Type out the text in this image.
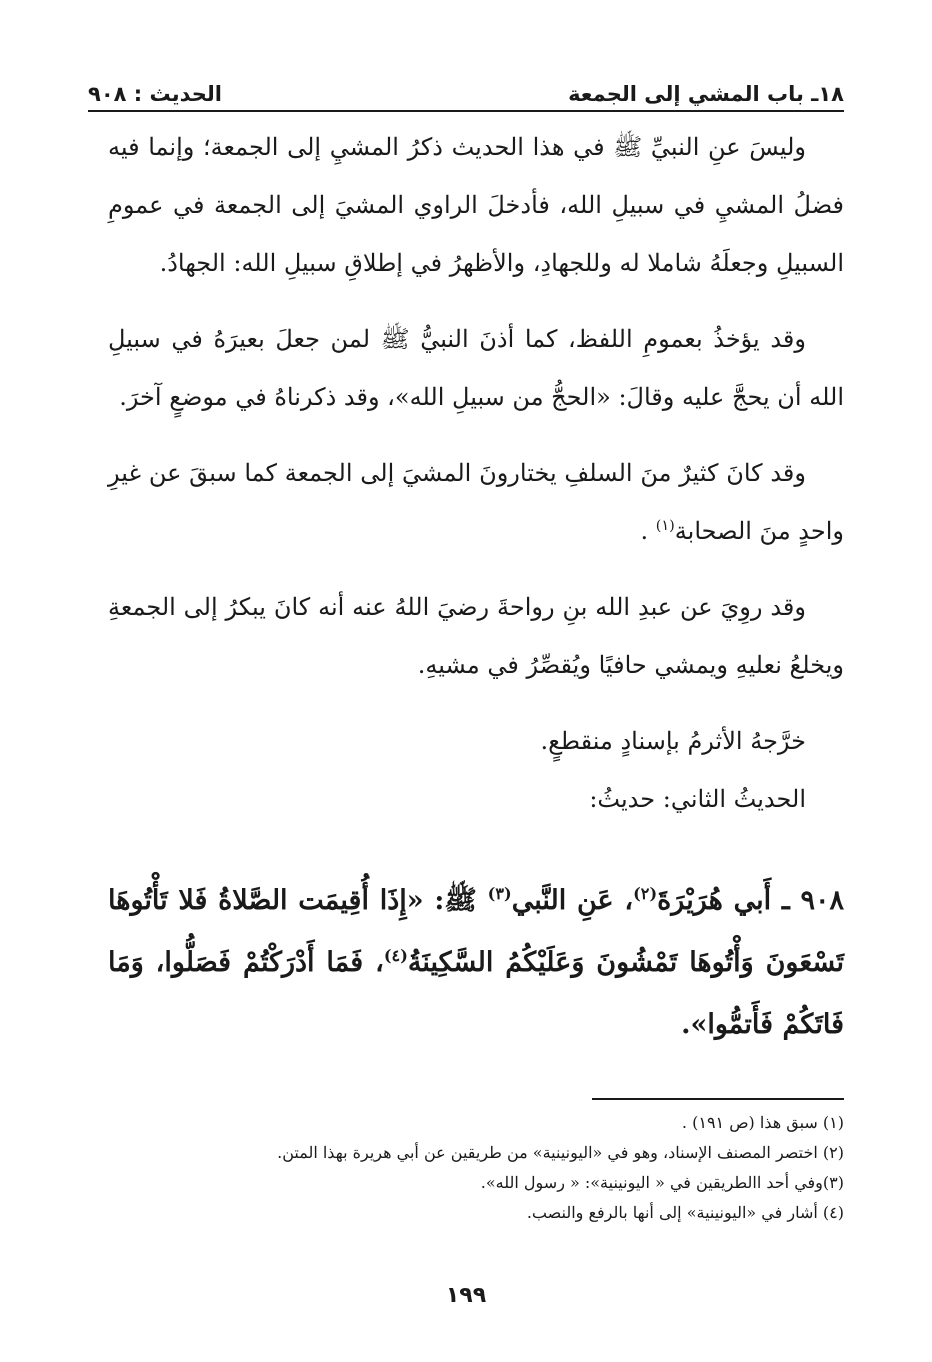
١٨ـ باب المشي إلى الجمعة
الحديث : ٩٠٨

وليسَ عنِ النبيِّ ﷺ في هذا الحديث ذكرُ المشيِ إلى الجمعة؛ وإنما فيه فضلُ المشيِ في سبيلِ الله، فأدخلَ الراوي المشيَ إلى الجمعة في عمومِ السبيلِ وجعلَهُ شاملا له وللجهادِ، والأظهرُ في إطلاقِ سبيلِ الله: الجهادُ.

وقد يؤخذُ بعمومِ اللفظ، كما أذنَ النبيُّ ﷺ لمن جعلَ بعيرَهُ في سبيلِ الله أن يحجَّ عليه وقالَ: «الحجُّ من سبيلِ الله»، وقد ذكرناهُ في موضعٍ آخرَ.

وقد كانَ كثيرٌ منَ السلفِ يختارونَ المشيَ إلى الجمعة كما سبقَ عن غيرِ واحدٍ منَ الصحابة$^{(١)}$ .

وقد روِيَ عن عبدِ الله بنِ رواحةَ رضيَ اللهُ عنه أنه كانَ يبكرُ إلى الجمعةِ ويخلعُ نعليهِ ويمشي حافيًا ويُقصِّرُ في مشيهِ.

خرَّجهُ الأثرمُ بإسنادٍ منقطعٍ.

الحديثُ الثاني: حديثُ:

٩٠٨ ـ أَبي هُرَيْرَةَ$^{(٢)}$، عَنِ النَّبي$^{(٣)}$ ﷺ: «إِذَا أُقِيمَت الصَّلاةُ فَلا تَأْتُوهَا تَسْعَونَ وَأْتُوهَا تَمْشُونَ وَعَلَيْكُمُ السَّكِينَةُ$^{(٤)}$، فَمَا أَدْرَكْتُمْ فَصَلُّوا، وَمَا فَاتَكُمْ فَأَتمُّوا».

(١) سبق هذا (ص ١٩١) .

(٢) اختصر المصنف الإسناد، وهو في «اليونينية» من طريقين عن أبي هريرة بهذا المتن.

(٣)وفي أحد االطريقين في « اليونينية»: « رسول الله».

(٤) أشار في «اليونينية» إلى أنها بالرفع والنصب.

١٩٩
